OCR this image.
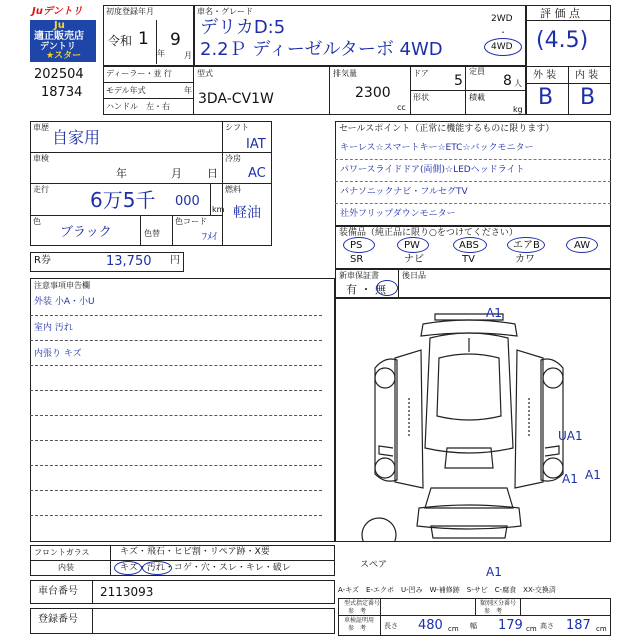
Juデントリ
Ju
適正販売店
デントリ
★スター
202504
18734
初度登録年月
令和 1
年
9
月
車名・グレード
デリカD:5
2.2Ｐ ディーゼルターボ 4WD
2WD
・
4WD
評 価 点
(4.5)
外 装 内 装
B B
ディーラー・並 行
モデル年式	年
ハンドル　左・右
型式
3DA-CV1W
排気量
2300
cc
ドア 5
定員
8 人
形状	積載
kg
車歴
自家用
シフト
IAT
車検
年	月 日
冷房
AC
走行 6万5千 000
km
燃料
軽油
色
ブラック	色替
色コード
ﾌﾒｲ
R券	13,750 円
注意事項申告欄
外装 小A・小U
室内 汚れ
内張り キズ
セールスポイント（正常に機能するものに限ります）
キーレス☆スマートキー☆ETC☆バックモニター
パワースライドドア(両側)☆LEDヘッドライト
パナソニックナビ・フルセグTV
社外フリップダウンモニター
装備品（純正品に限り○をつけてください）
PS	PW	ABS	エアB	AW
SR	ナビ	TV	カワ
新車保証書
有 ・ 無
後日品
A1
UA1
A1 A1
A1
スペア
A-キズ　E-エクボ　U-凹み　W-補修跡　S-サビ　C-腐食　XX-交換済
フロントガラス	キズ・飛石・ヒビ割・リペア跡・X要
内装	キズ・汚れ・コゲ・穴・スレ・キレ・破レ
車台番号 2113093
登録番号
型式指定番号
参　考
類別区分番号
参　考
車検証明用
参　考	長さ 480 cm 幅 179 cm 高さ 187 cm
